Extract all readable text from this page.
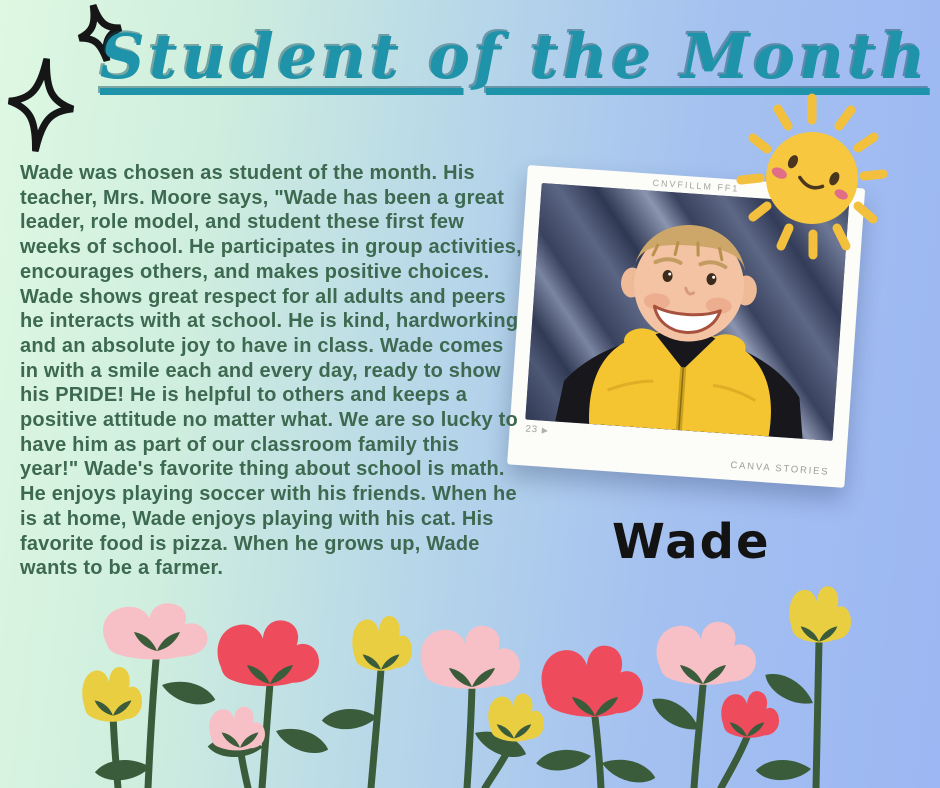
Student of the Month

Wade was chosen as student of the month. His teacher, Mrs. Moore says, "Wade has been a great leader, role model, and student these first few weeks of school. He participates in group activities, encourages others, and makes positive choices. Wade shows great respect for all adults and peers he interacts with at school. He is kind, hardworking and an absolute joy to have in class. Wade comes in with a smile each and every day, ready to show his PRIDE! He is helpful to others and keeps a positive attitude no matter what. We are so lucky to have him as part of our classroom family this year!" Wade's favorite thing about school is math. He enjoys playing soccer with his friends. When he is at home, Wade enjoys playing with his cat. His favorite food is pizza. When he grows up, Wade wants to be a farmer.

CNVFILLM FF1
23 ▶
CANVA STORIES
Wade
